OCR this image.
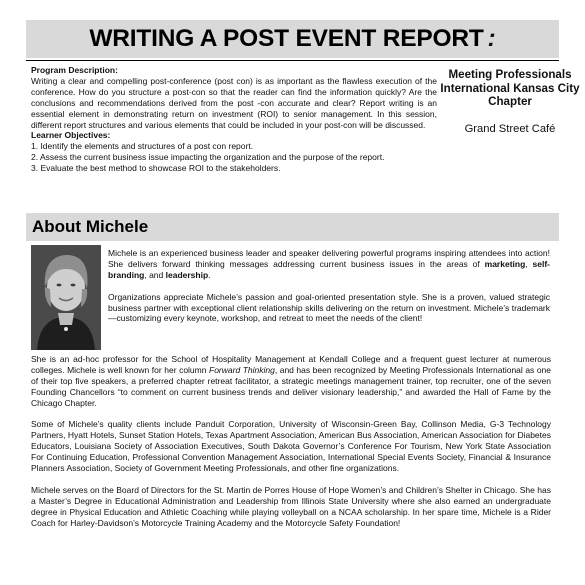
WRITING A POST EVENT REPORT :

Program Description:

Writing a clear and compelling post-conference (post con) is as important as the flawless execution of the conference. How do you structure a post-con so that the reader can find the information quickly? Are the conclusions and recommendations derived from the post -con accurate and clear? Report writing is an essential element in demonstrating return on investment (ROI) to senior management. In this session, different report structures and various elements that could be included in your post-con will be discussed.

Learner Objectives:

1. Identify the elements and structures of a post con report.

2. Assess the current business issue impacting the organization and the purpose of the report.

3. Evaluate the best method to showcase ROI to the stakeholders.

Meeting Professionals International Kansas City Chapter
Grand Street Café
About Michele

Michele is an experienced business leader and speaker delivering powerful programs inspiring attendees into action! She delivers forward thinking messages addressing current business issues in the areas of marketing, self-branding, and leadership.

Organizations appreciate Michele’s passion and goal-oriented presentation style. She is a proven, valued strategic business partner with exceptional client relationship skills delivering on the return on investment. Michele’s trademark—customizing every keynote, workshop, and retreat to meet the needs of the client!

She is an ad-hoc professor for the School of Hospitality Management at Kendall College and a frequent guest lecturer at numerous colleges. Michele is well known for her column Forward Thinking, and has been recognized by Meeting Professionals International as one of their top five speakers, a preferred chapter retreat facilitator, a strategic meetings management trainer, top recruiter, one of the seven Founding Chancellors “to comment on current business trends and deliver visionary leadership,” and awarded the Hall of Fame by the Chicago Chapter.

Some of Michele’s quality clients include Panduit Corporation, University of Wisconsin-Green Bay, Collinson Media, G-3 Technology Partners, Hyatt Hotels, Sunset Station Hotels, Texas Apartment Association, American Bus Association, American Association for Diabetes Educators, Louisiana Society of Association Executives, South Dakota Governor’s Conference For Tourism, New York State Association For Continuing Education, Professional Convention Management Association, International Special Events Society, Financial & Insurance Planners Association, Society of Government Meeting Professionals, and other fine organizations.

Michele serves on the Board of Directors for the St. Martin de Porres House of Hope Women’s and Children’s Shelter in Chicago. She has a Master’s Degree in Educational Administration and Leadership from Illinois State University where she also earned an undergraduate degree in Physical Education and Athletic Coaching while playing volleyball on a NCAA scholarship. In her spare time, Michele is a Rider Coach for Harley-Davidson’s Motorcycle Training Academy and the Motorcycle Safety Foundation!
